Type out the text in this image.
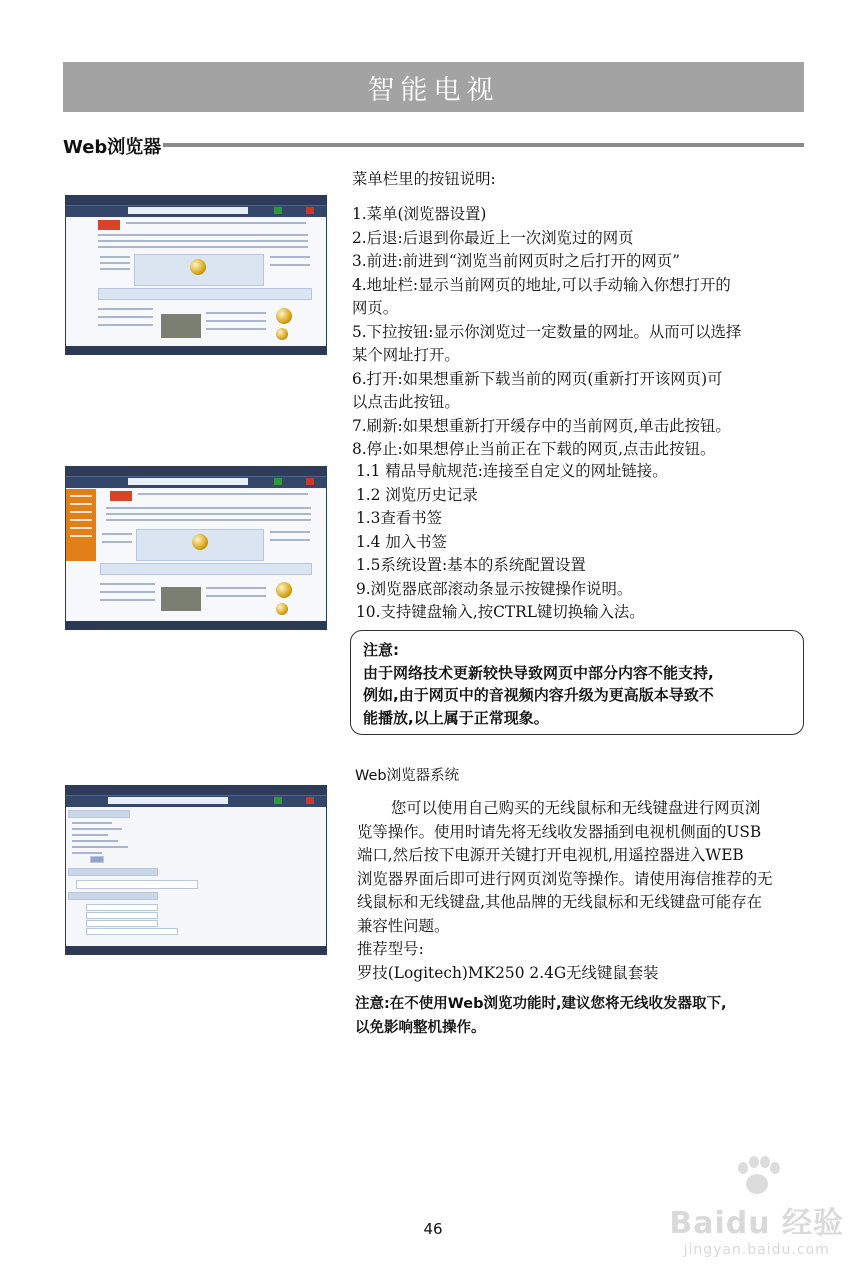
智能电视
Web浏览器
菜单栏里的按钮说明:

1.菜单(浏览器设置)

2.后退:后退到你最近上一次浏览过的网页

3.前进:前进到“浏览当前网页时之后打开的网页”

4.地址栏:显示当前网页的地址,可以手动输入你想打开的

网页。

5.下拉按钮:显示你浏览过一定数量的网址。从而可以选择

某个网址打开。

6.打开:如果想重新下载当前的网页(重新打开该网页)可

以点击此按钮。

7.刷新:如果想重新打开缓存中的当前网页,单击此按钮。

8.停止:如果想停止当前正在下载的网页,点击此按钮。

1.1 精品导航规范:连接至自定义的网址链接。

1.2 浏览历史记录

1.3查看书签

1.4 加入书签

1.5系统设置:基本的系统配置设置

9.浏览器底部滚动条显示按键操作说明。

10.支持键盘输入,按CTRL键切换输入法。

注意:

由于网络技术更新较快导致网页中部分内容不能支持,

例如,由于网页中的音视频内容升级为更高版本导致不

能播放,以上属于正常现象。

Web浏览器系统

您可以使用自己购买的无线鼠标和无线键盘进行网页浏

览等操作。使用时请先将无线收发器插到电视机侧面的USB

端口,然后按下电源开关键打开电视机,用遥控器进入WEB

浏览器界面后即可进行网页浏览等操作。请使用海信推荐的无

线鼠标和无线键盘,其他品牌的无线鼠标和无线键盘可能存在

兼容性问题。

推荐型号:

罗技(Logitech)MK250 2.4G无线键鼠套装

注意:在不使用Web浏览功能时,建议您将无线收发器取下,

以免影响整机操作。

46	Baidu 经验
jingyan.baidu.com
